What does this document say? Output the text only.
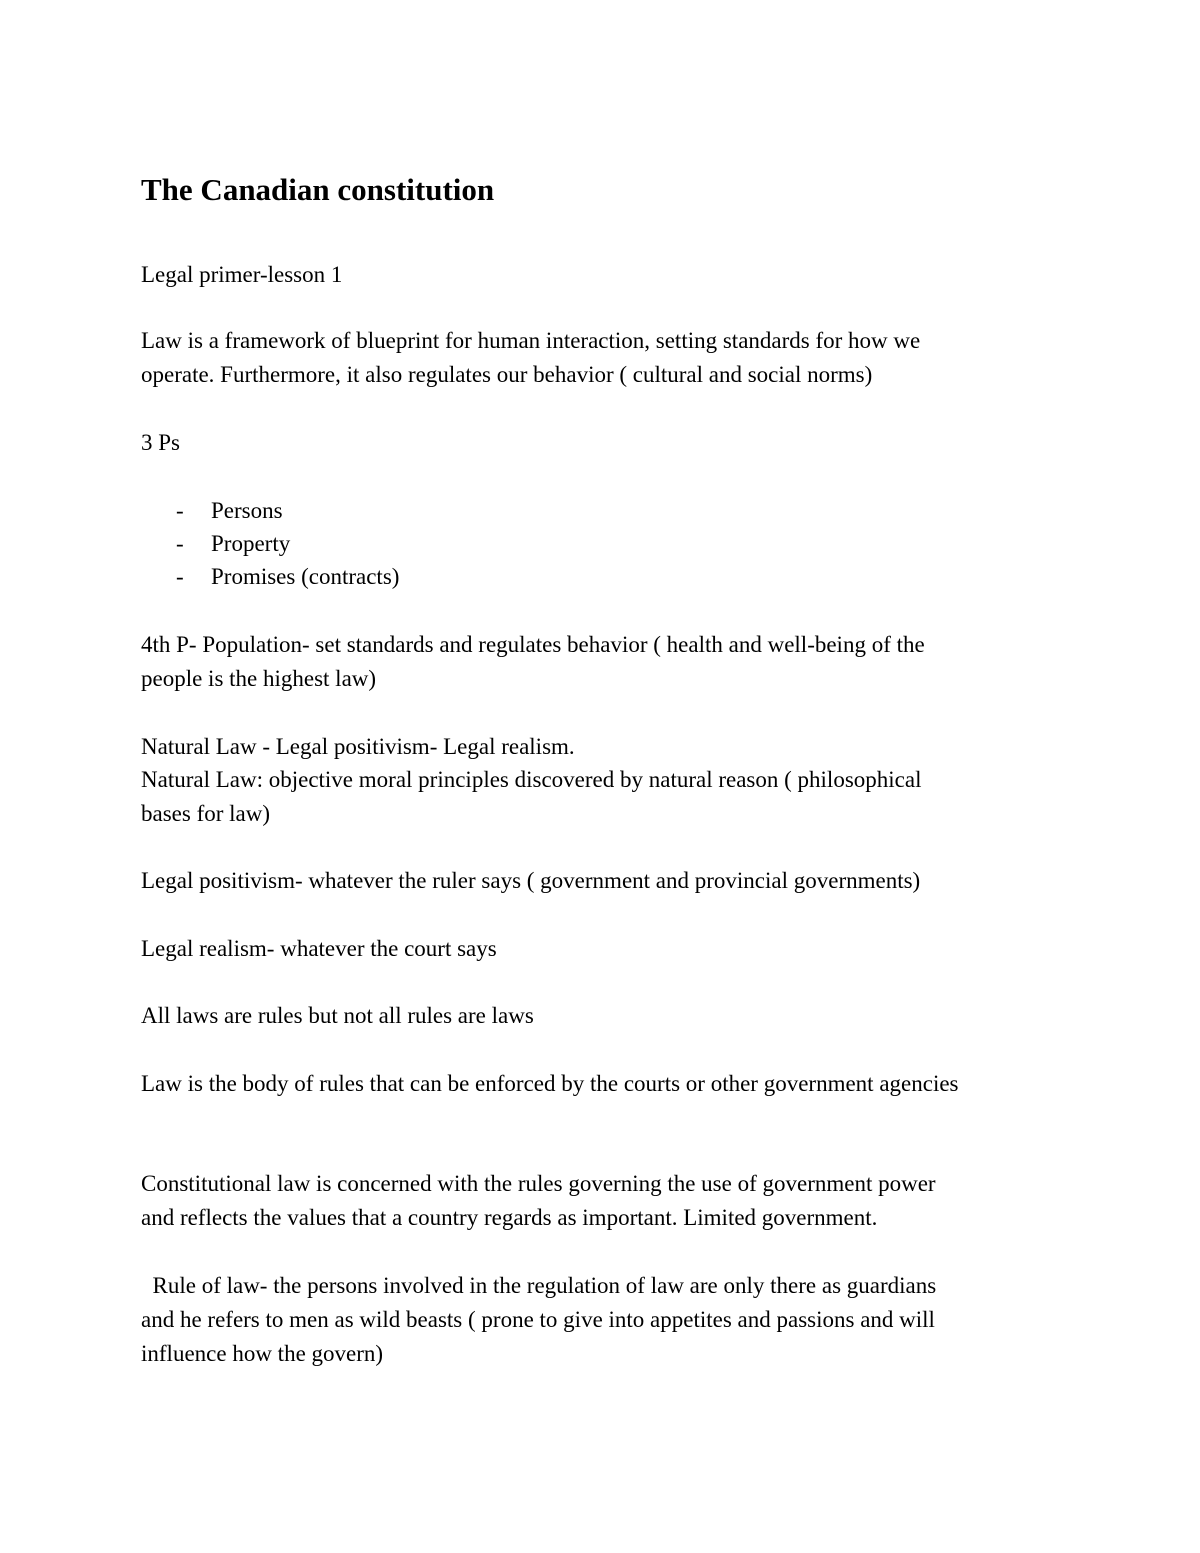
The Canadian constitution
Legal primer-lesson 1
Law is a framework of blueprint for human interaction, setting standards for how we
operate. Furthermore, it also regulates our behavior ( cultural and social norms)
3 Ps
- Persons
- Property
- Promises (contracts)
4th P- Population- set standards and regulates behavior ( health and well-being of the
people is the highest law)
Natural Law - Legal positivism- Legal realism.
Natural Law: objective moral principles discovered by natural reason ( philosophical
bases for law)
Legal positivism- whatever the ruler says ( government and provincial governments)
Legal realism- whatever the court says
All laws are rules but not all rules are laws
Law is the body of rules that can be enforced by the courts or other government agencies
Constitutional law is concerned with the rules governing the use of government power
and reflects the values that a country regards as important. Limited government.
Rule of law- the persons involved in the regulation of law are only there as guardians
and he refers to men as wild beasts ( prone to give into appetites and passions and will
influence how the govern)
